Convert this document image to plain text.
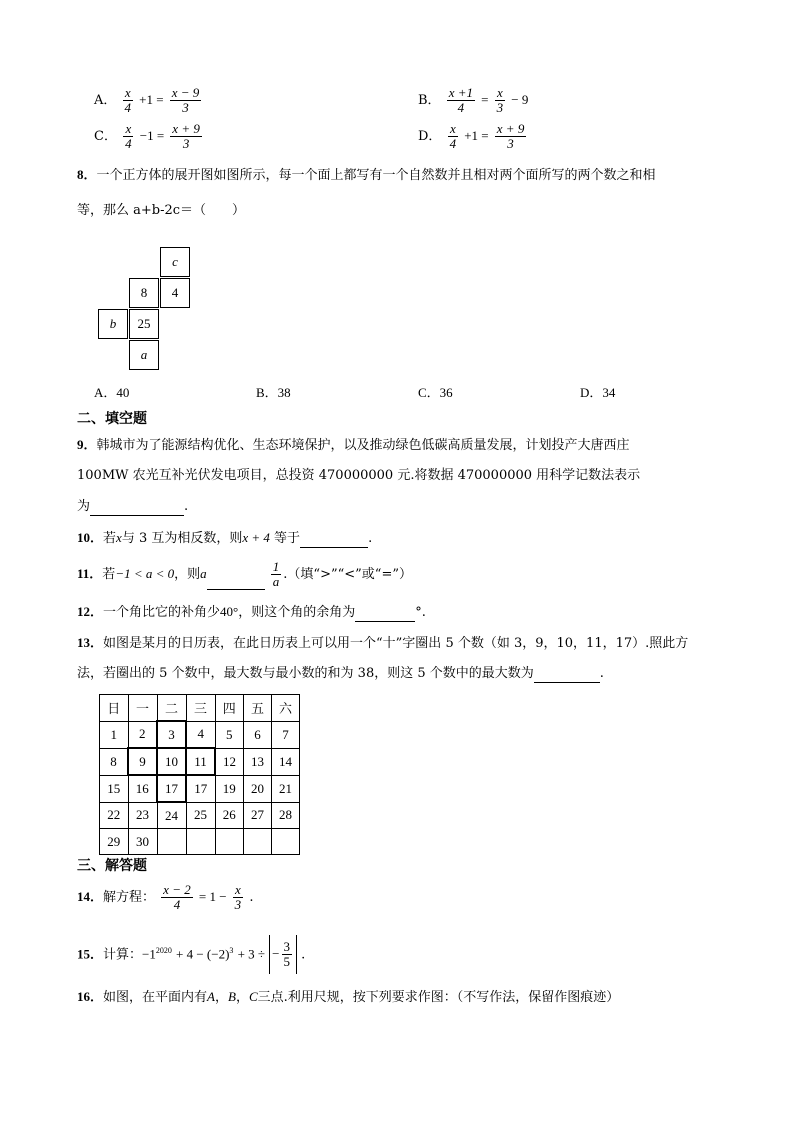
A． $\frac{x}{4} +1 = \frac{x - 9}{3}$	B． $\frac{x +1}{4} = \frac{x}{3} - 9$
C． $\frac{x}{4} -1 = \frac{x + 9}{3}$	D． $\frac{x}{4} +1 = \frac{x + 9}{3}$
8．一个正方体的展开图如图所示，每一个面上都写有一个自然数并且相对两个面所写的两个数之和相
等，那么 a+b-2c＝（　　）
c
8	4
b	25
a
A．40	B．38	C．36	D．34
二、填空题
9．韩城市为了能源结构优化、生态环境保护，以及推动绿色低碳高质量发展，计划投产大唐西庄
100MW 农光互补光伏发电项目，总投资 470000000 元.将数据 470000000 用科学记数法表示
为	.
10．若x与 3 互为相反数，则x + 4 等于	.
11．若−1 < a < 0，则a	$\frac{1}{a}$ .（填“>”“<”或“=”）
12．一个角比它的补角少40°，则这个角的余角为	°.
13．如图是某月的日历表，在此日历表上可以用一个“十”字圈出 5 个数（如 3，9，10，11，17）.照此方
法，若圈出的 5 个数中，最大数与最小数的和为 38，则这 5 个数中的最大数为	.
日	一	二	三	四	五	六
1	2	3	4	5	6	7
8	9	10	11	12	13	14
15	16	17	17	19	20	21
22	23	24	25	26	27	28
29	30					
三、解答题
14．解方程： $\frac{x - 2}{4} = 1 - \frac{x}{3}$ .
15．计算：$-1^{2020} + 4 - (-2)^3 + 3$ ÷ − $\frac{3}{5}$ .
16．如图，在平面内有A，B，C三点.利用尺规，按下列要求作图：（不写作法，保留作图痕迹）
